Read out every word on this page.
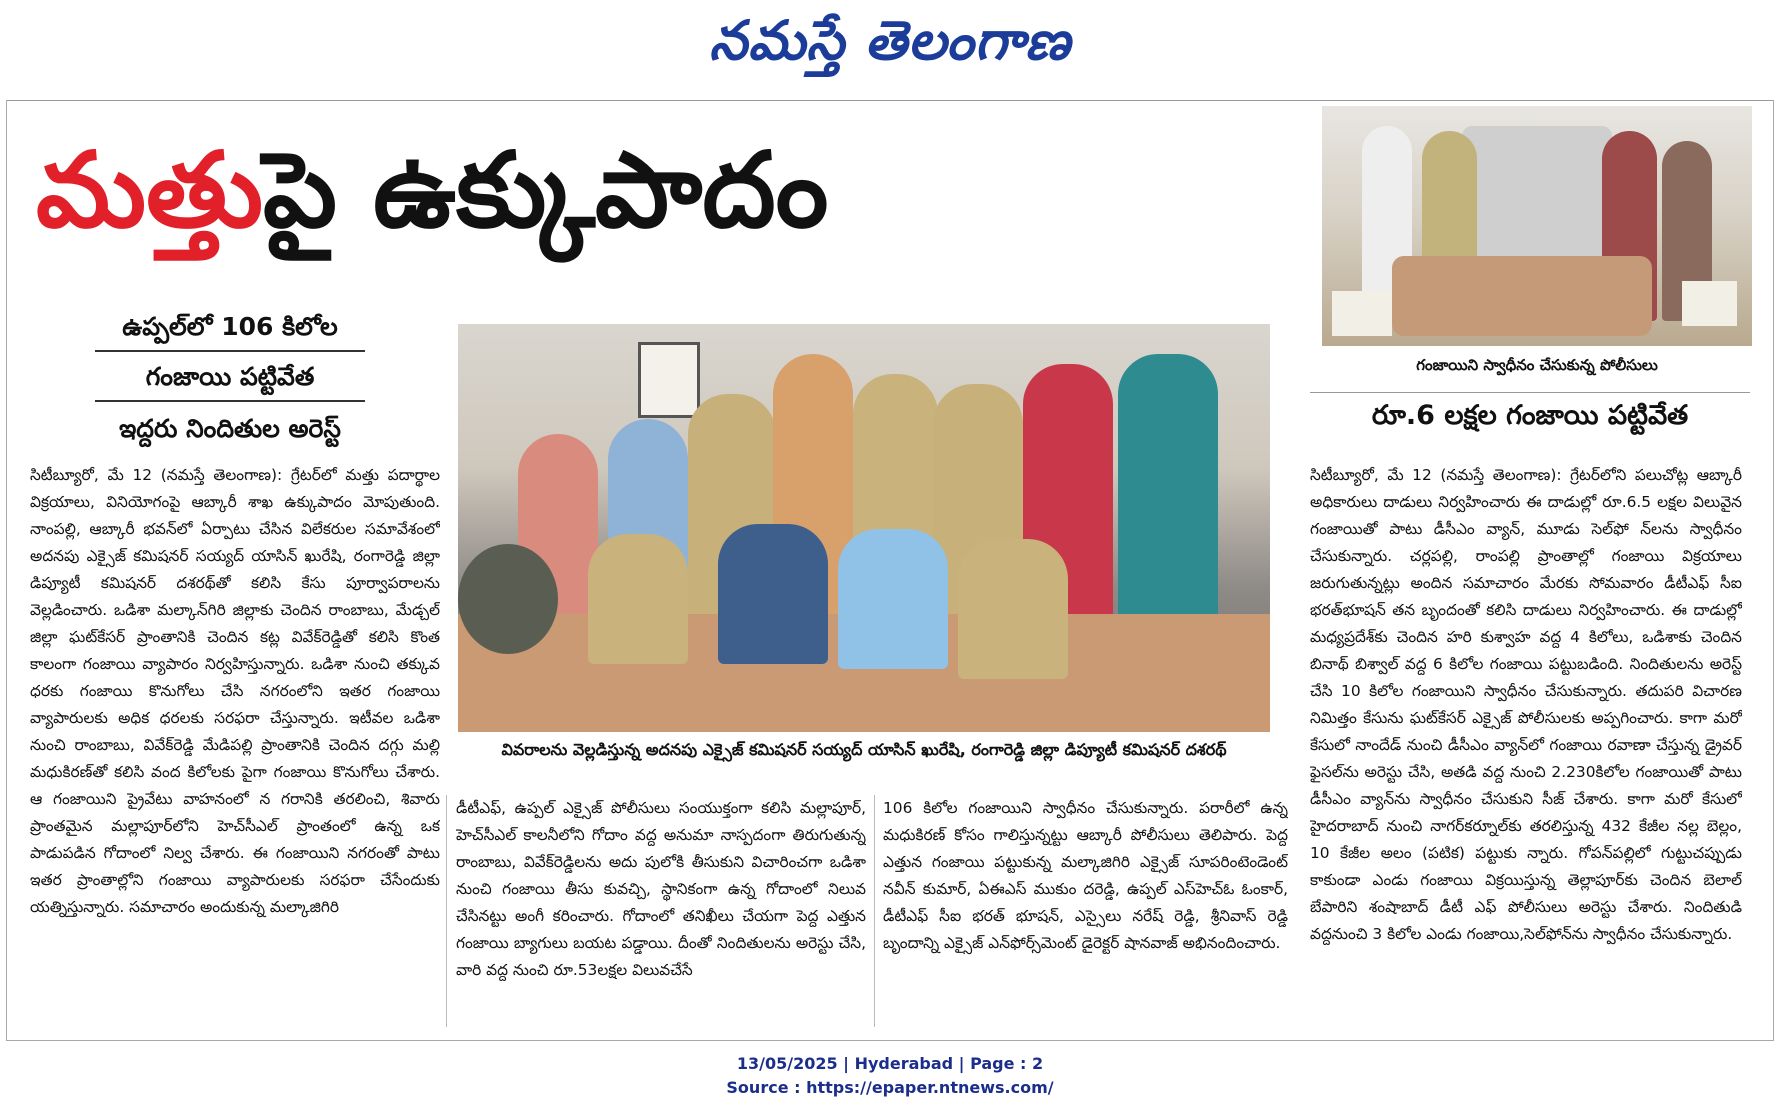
నమస్తే తెలంగాణ
మత్తుపై ఉక్కుపాదం
ఉప్పల్‌లో 106 కిలోల
గంజాయి పట్టివేత
ఇద్దరు నిందితుల అరెస్ట్
సిటీబ్యూరో, మే 12 (నమస్తే తెలంగాణ): గ్రేటర్‌లో మత్తు పదార్థాల విక్రయాలు, వినియోగంపై ఆబ్కారీ శాఖ ఉక్కుపాదం మోపుతుంది. నాంపల్లి, ఆబ్కారీ భవన్‌లో ఏర్పాటు చేసిన విలేకరుల సమావేశంలో అదనపు ఎక్సైజ్ కమిషనర్ సయ్యద్ యాసిన్ ఖురేషి, రంగారెడ్డి జిల్లా డిప్యూటీ కమిషనర్ దశరథ్‌తో కలిసి కేసు పూర్వాపరాలను వెల్లడించారు. ఒడిశా మల్కాన్‌గిరి జిల్లాకు చెందిన రాంబాబు, మేడ్చల్ జిల్లా ఘట్‌కేసర్ ప్రాంతానికి చెందిన కట్ల వివేక్‌రెడ్డితో కలిసి కొంత కాలంగా గంజాయి వ్యాపారం నిర్వహిస్తున్నారు. ఒడిశా నుంచి తక్కువ ధరకు గంజాయి కొనుగోలు చేసి నగరంలోని ఇతర గంజాయి వ్యాపారులకు అధిక ధరలకు సరఫరా చేస్తున్నారు. ఇటీవల ఒడిశా నుంచి రాంబాబు, వివేక్‌రెడ్డి మేడిపల్లి ప్రాంతానికి చెందిన దగ్గు మల్లి మధుకిరణ్‌తో కలిసి వంద కిలోలకు పైగా గంజాయి కొనుగోలు చేశారు. ఆ గంజాయిని ప్రైవేటు వాహనంలో న గరానికి తరలించి, శివారు ప్రాంతమైన మల్లాపూర్‌లోని హెచ్‌సీఎల్ ప్రాంతంలో ఉన్న ఒక పాడుపడిన గోదాంలో నిల్వ చేశారు. ఈ గంజాయిని నగరంతో పాటు ఇతర ప్రాంతాల్లోని గంజాయి వ్యాపారులకు సరఫరా చేసేందుకు యత్నిస్తున్నారు. సమాచారం అందుకున్న మల్కాజిగిరి
వివరాలను వెల్లడిస్తున్న అదనపు ఎక్సైజ్ కమిషనర్ సయ్యద్ యాసిన్ ఖురేషి, రంగారెడ్డి జిల్లా డిప్యూటీ కమిషనర్ దశరథ్
డీటీఎఫ్, ఉప్పల్ ఎక్సైజ్ పోలీసులు సంయుక్తంగా కలిసి మల్లాపూర్, హెచ్‌సీఎల్ కాలనీలోని గోదాం వద్ద అనుమా నాస్పదంగా తిరుగుతున్న రాంబాబు, వివేక్‌రెడ్డిలను అదు పులోకి తీసుకుని విచారించగా ఒడిశా నుంచి గంజాయి తీసు కువచ్చి, స్థానికంగా ఉన్న గోదాంలో నిలువ చేసినట్టు అంగీ కరించారు. గోదాంలో తనిఖీలు చేయగా పెద్ద ఎత్తున గంజాయి బ్యాగులు బయట పడ్డాయి. దీంతో నిందితులను అరెస్టు చేసి, వారి వద్ద నుంచి రూ.53లక్షల విలువచేసే
106 కిలోల గంజాయిని స్వాధీనం చేసుకున్నారు. పరారీలో ఉన్న మధుకిరణ్ కోసం గాలిస్తున్నట్టు ఆబ్కారీ పోలీసులు తెలిపారు. పెద్ద ఎత్తున గంజాయి పట్టుకున్న మల్కాజిగిరి ఎక్సైజ్ సూపరింటెండెంట్ నవీన్ కుమార్, ఏఈఎస్ ముకుం దరెడ్డి, ఉప్పల్ ఎస్‌హెచ్ఓ ఓంకార్, డీటీఎఫ్ సీఐ భరత్ భూషన్, ఎస్సైలు నరేష్ రెడ్డి, శ్రీనివాస్ రెడ్డి బృందాన్ని ఎక్సైజ్ ఎన్‌ఫోర్స్‌మెంట్ డైరెక్టర్ షానవాజ్ అభినందించారు.
గంజాయిని స్వాధీనం చేసుకున్న పోలీసులు
రూ.6 లక్షల గంజాయి పట్టివేత
సిటీబ్యూరో, మే 12 (నమస్తే తెలంగాణ): గ్రేటర్‌లోని పలుచోట్ల ఆబ్కారీ అధికారులు దాడులు నిర్వహించారు ఈ దాడుల్లో రూ.6.5 లక్షల విలువైన గంజాయితో పాటు డీసీఎం వ్యాన్, మూడు సెల్‌ఫో న్‌లను స్వాధీనం చేసుకున్నారు. చర్లపల్లి, రాంపల్లి ప్రాంతాల్లో గంజాయి విక్రయాలు జరుగుతున్నట్లు అందిన సమాచారం మేరకు సోమవారం డీటీఎఫ్ సీఐ భరత్‌భూషన్ తన బృందంతో కలిసి దాడులు నిర్వహించారు. ఈ దాడుల్లో మధ్యప్రదేశ్‌కు చెందిన హరి కుశ్వాహ వద్ద 4 కిలోలు, ఒడిశాకు చెందిన బినాథ్ బిశ్వాల్ వద్ద 6 కిలోల గంజాయి పట్టుబడింది. నిందితులను అరెస్ట్ చేసి 10 కిలోల గంజాయిని స్వాధీనం చేసుకున్నారు. తదుపరి విచారణ నిమిత్తం కేసును ఘట్‌కేసర్ ఎక్సైజ్ పోలీసులకు అప్పగించారు. కాగా మరో కేసులో నాందేడ్ నుంచి డీసీఎం వ్యాన్‌లో గంజాయి రవాణా చేస్తున్న డ్రైవర్ ఫైసల్‌ను అరెస్టు చేసి, అతడి వద్ద నుంచి 2.230కిలోల గంజాయితో పాటు డీసీఎం వ్యాన్‌ను స్వాధీనం చేసుకుని సీజ్ చేశారు. కాగా మరో కేసులో హైదరాబాద్ నుంచి నాగర్‌కర్నూల్‌కు తరలిస్తున్న 432 కేజీల నల్ల బెల్లం, 10 కేజీల అలం (పటిక) పట్టుకు న్నారు. గోపన్‌పల్లిలో గుట్టుచప్పుడు కాకుండా ఎండు గంజాయి విక్రయిస్తున్న తెల్లాపూర్‌కు చెందిన బెలాల్ బేపారిని శంషాబాద్ డీటీ ఎఫ్ పోలీసులు అరెస్టు చేశారు. నిందితుడి వద్దనుంచి 3 కిలోల ఎండు గంజాయి,సెల్‌ఫోన్‌ను స్వాధీనం చేసుకున్నారు.
13/05/2025 | Hyderabad | Page : 2
Source : https://epaper.ntnews.com/
